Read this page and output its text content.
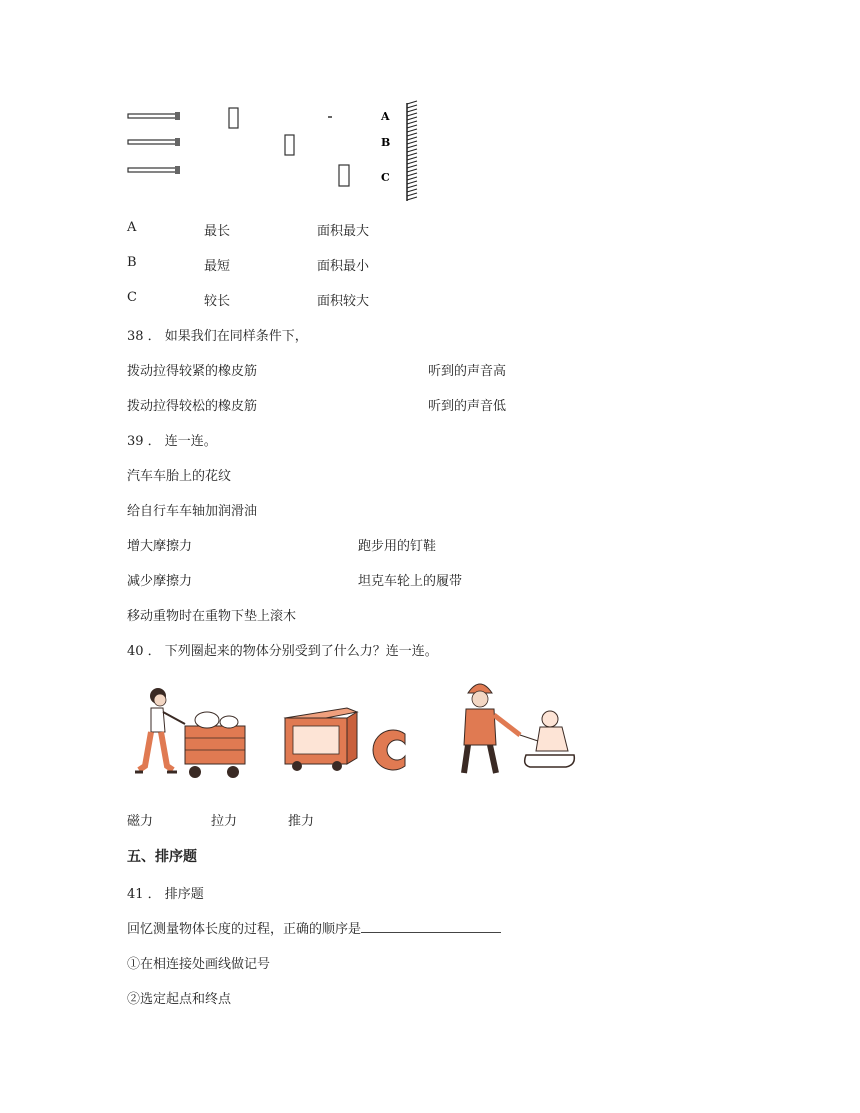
A
B
C
A	最长	面积最大
B	最短	面积最小
C	较长	面积较大
38 ． 如果我们在同样条件下，
拨动拉得较紧的橡皮筋	听到的声音高
拨动拉得较松的橡皮筋	听到的声音低
39 ． 连一连。
汽车车胎上的花纹
给自行车车轴加润滑油
增大摩擦力	跑步用的钉鞋
减少摩擦力	坦克车轮上的履带
移动重物时在重物下垫上滚木
40 ． 下列圈起来的物体分别受到了什么力？连一连。
磁力	拉力	推力
五、排序题
41 ． 排序题
回忆测量物体长度的过程，正确的顺序是
①在相连接处画线做记号
②选定起点和终点
